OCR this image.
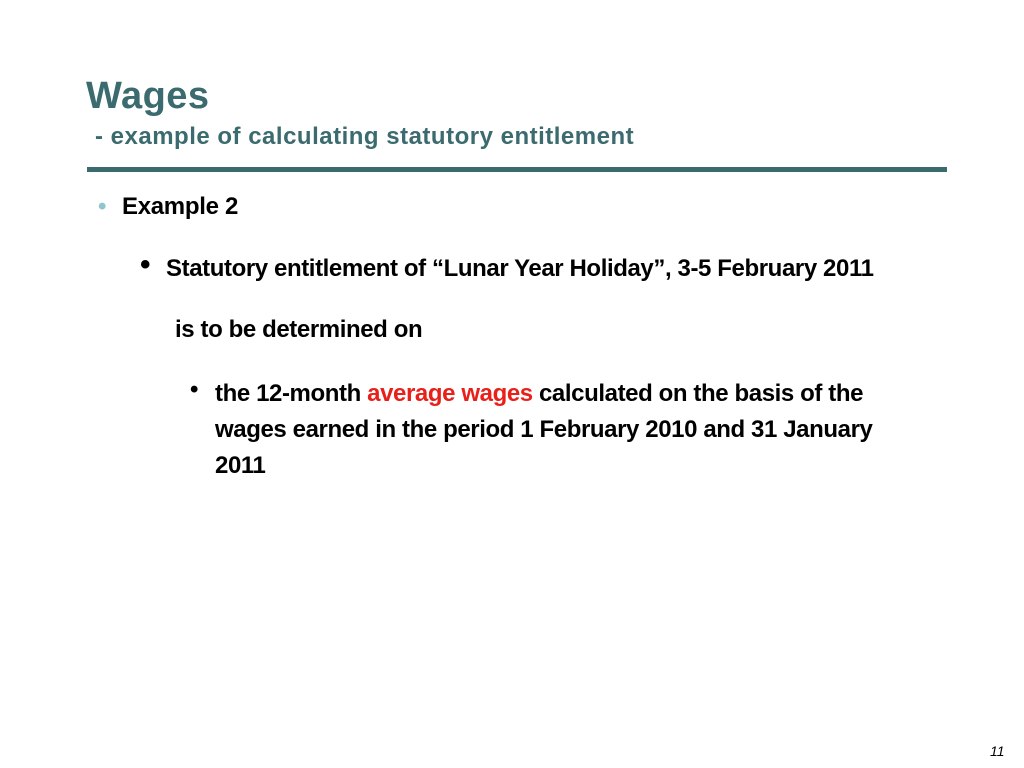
Wages
- example of calculating statutory entitlement
• Example 2
• Statutory entitlement of “Lunar Year Holiday”, 3-5 February 2011
is to be determined on
• the 12-month average wages calculated on the basis of the
wages earned in the period 1 February 2010 and 31 January
2011
11
